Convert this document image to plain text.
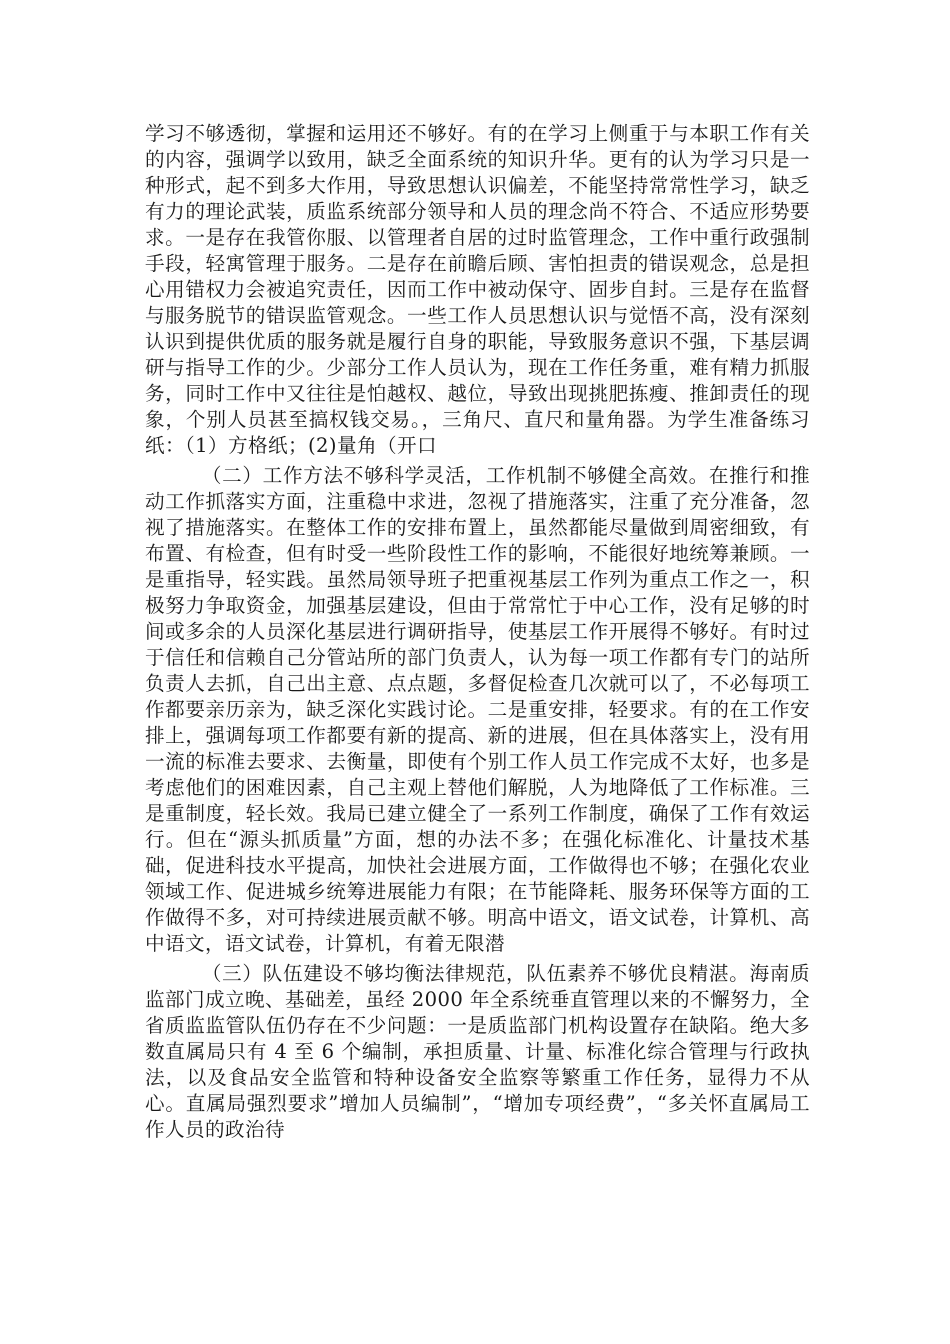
学习不够透彻，掌握和运用还不够好。有的在学习上侧重于与本职工作有关的内容，强调学以致用，缺乏全面系统的知识升华。更有的认为学习只是一种形式，起不到多大作用，导致思想认识偏差，不能坚持常常性学习，缺乏有力的理论武装，质监系统部分领导和人员的理念尚不符合、不适应形势要求。一是存在我管你服、以管理者自居的过时监管理念，工作中重行政强制手段，轻寓管理于服务。二是存在前瞻后顾、害怕担责的错误观念，总是担心用错权力会被追究责任，因而工作中被动保守、固步自封。三是存在监督与服务脱节的错误监管观念。一些工作人员思想认识与觉悟不高，没有深刻认识到提供优质的服务就是履行自身的职能，导致服务意识不强，下基层调研与指导工作的少。少部分工作人员认为，现在工作任务重，难有精力抓服务，同时工作中又往往是怕越权、越位，导致出现挑肥拣瘦、推卸责任的现象，个别人员甚至搞权钱交易。，三角尺、直尺和量角器。为学生准备练习纸：（1）方格纸；(2)量角（开口

（二）工作方法不够科学灵活，工作机制不够健全高效。在推行和推动工作抓落实方面，注重稳中求进，忽视了措施落实，注重了充分准备，忽视了措施落实。在整体工作的安排布置上，虽然都能尽量做到周密细致，有布置、有检查，但有时受一些阶段性工作的影响，不能很好地统筹兼顾。一是重指导，轻实践。虽然局领导班子把重视基层工作列为重点工作之一，积极努力争取资金，加强基层建设，但由于常常忙于中心工作，没有足够的时间或多余的人员深化基层进行调研指导，使基层工作开展得不够好。有时过于信任和信赖自己分管站所的部门负责人，认为每一项工作都有专门的站所负责人去抓，自己出主意、点点题，多督促检查几次就可以了，不必每项工作都要亲历亲为，缺乏深化实践讨论。二是重安排，轻要求。有的在工作安排上，强调每项工作都要有新的提高、新的进展，但在具体落实上，没有用一流的标准去要求、去衡量，即使有个别工作人员工作完成不太好，也多是考虑他们的困难因素，自己主观上替他们解脱，人为地降低了工作标准。三是重制度，轻长效。我局已建立健全了一系列工作制度，确保了工作有效运行。但在“源头抓质量”方面，想的办法不多；在强化标准化、计量技术基础，促进科技水平提高，加快社会进展方面，工作做得也不够；在强化农业领域工作、促进城乡统筹进展能力有限；在节能降耗、服务环保等方面的工作做得不多，对可持续进展贡献不够。明高中语文，语文试卷，计算机、高中语文，语文试卷，计算机，有着无限潜

（三）队伍建设不够均衡法律规范，队伍素养不够优良精湛。海南质监部门成立晚、基础差，虽经 2000 年全系统垂直管理以来的不懈努力，全省质监监管队伍仍存在不少问题：一是质监部门机构设置存在缺陷。绝大多数直属局只有 4 至 6 个编制，承担质量、计量、标准化综合管理与行政执法，以及食品安全监管和特种设备安全监察等繁重工作任务，显得力不从心。直属局强烈要求”增加人员编制”，“增加专项经费”，“多关怀直属局工作人员的政治待
